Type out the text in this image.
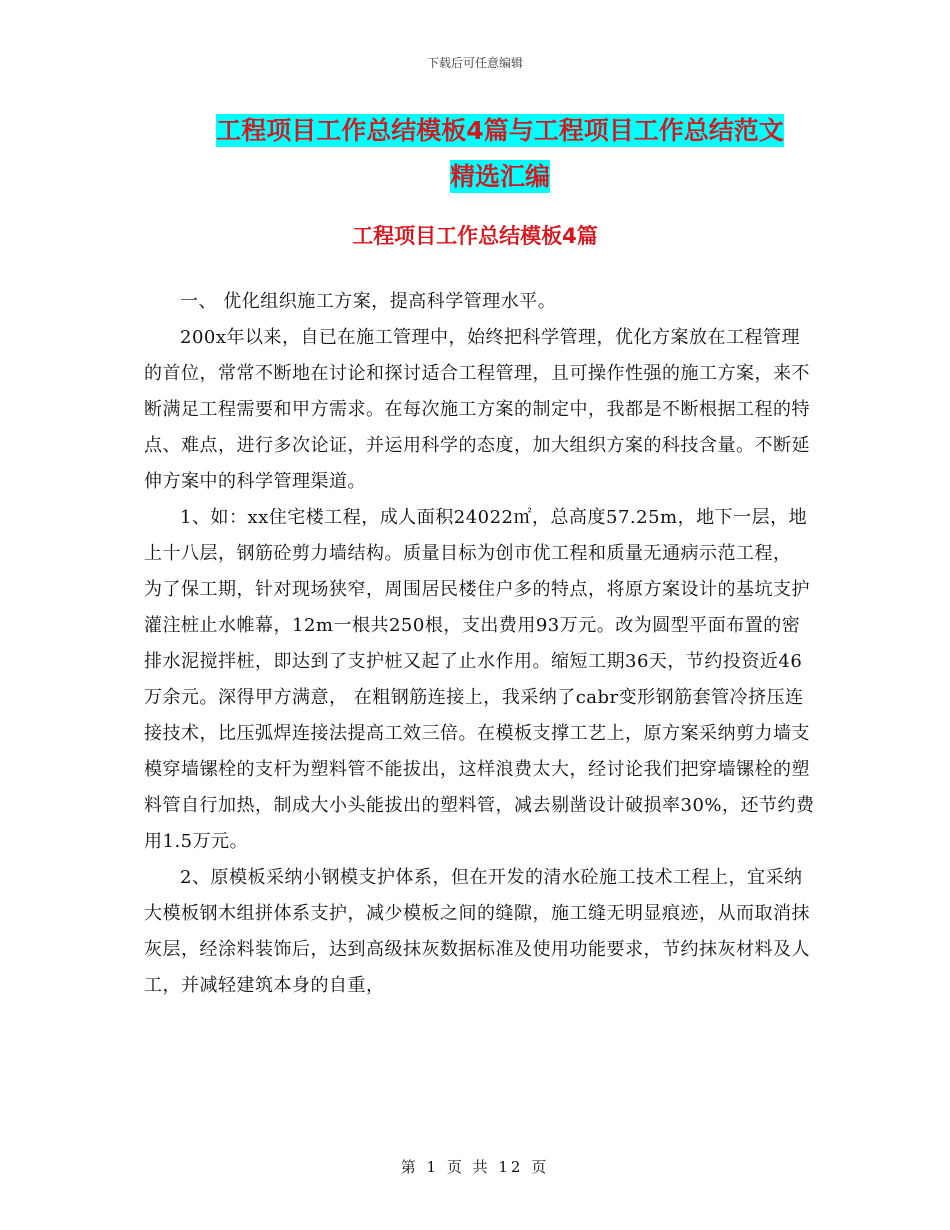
下载后可任意编辑
工程项目工作总结模板4篇与工程项目工作总结范文
精选汇编
工程项目工作总结模板4篇

一、 优化组织施工方案，提高科学管理水平。

200x年以来，自已在施工管理中，始终把科学管理，优化方案放在工程管理的首位，常常不断地在讨论和探讨适合工程管理，且可操作性强的施工方案，来不断满足工程需要和甲方需求。在每次施工方案的制定中，我都是不断根据工程的特点、难点，进行多次论证，并运用科学的态度，加大组织方案的科技含量。不断延伸方案中的科学管理渠道。

1、如：xx住宅楼工程，成人面积24022㎡，总高度57.25m，地下一层，地上十八层，钢筋砼剪力墙结构。质量目标为创市优工程和质量无通病示范工程， 为了保工期，针对现场狭窄，周围居民楼住户多的特点，将原方案设计的基坑支护灌注桩止水帷幕，12m一根共250根，支出费用93万元。改为圆型平面布置的密排水泥搅拌桩，即达到了支护桩又起了止水作用。缩短工期36天，节约投资近46万余元。深得甲方满意， 在粗钢筋连接上，我采纳了cabr变形钢筋套管冷挤压连接技术，比压弧焊连接法提高工效三倍。在模板支撑工艺上，原方案采纳剪力墙支模穿墙镙栓的支杆为塑料管不能拔出，这样浪费太大，经讨论我们把穿墙镙栓的塑料管自行加热，制成大小头能拔出的塑料管，减去剔凿设计破损率30%，还节约费用1.5万元。

2、原模板采纳小钢模支护体系，但在开发的清水砼施工技术工程上，宜采纳大模板钢木组拼体系支护，减少模板之间的缝隙，施工缝无明显痕迹，从而取消抹灰层，经涂料装饰后，达到高级抹灰数据标准及使用功能要求，节约抹灰材料及人工，并减轻建筑本身的自重，

第 1 页 共 12 页
